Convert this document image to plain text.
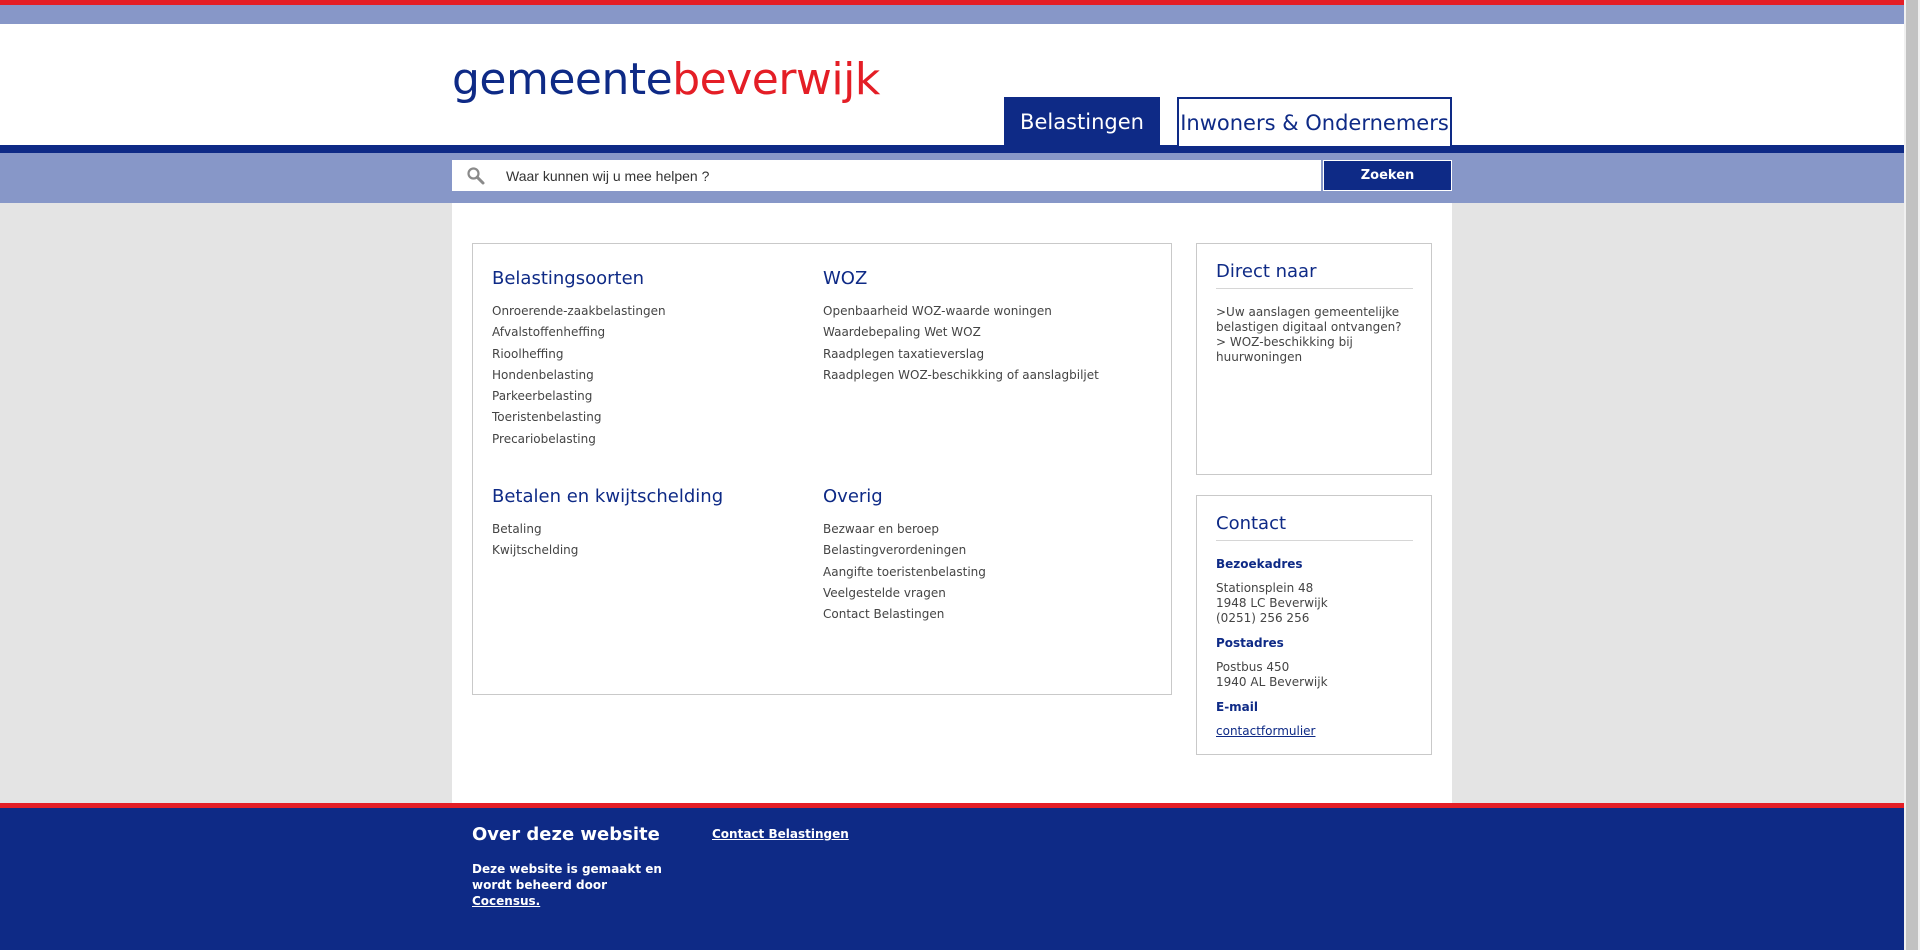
gemeentebeverwijk
Belastingen	Inwoners & Ondernemers
Waar kunnen wij u mee helpen ?
Zoeken
Belastingsoorten
Onroerende-zaakbelastingen
Afvalstoffenheffing
Rioolheffing
Hondenbelasting
Parkeerbelasting
Toeristenbelasting
Precariobelasting
WOZ
Openbaarheid WOZ-waarde woningen
Waardebepaling Wet WOZ
Raadplegen taxatieverslag
Raadplegen WOZ-beschikking of aanslagbiljet
Betalen en kwijtschelding
Betaling
Kwijtschelding
Overig
Bezwaar en beroep
Belastingverordeningen
Aangifte toeristenbelasting
Veelgestelde vragen
Contact Belastingen
Direct naar
>Uw aanslagen gemeentelijke belastigen digitaal ontvangen?
> WOZ-beschikking bij huurwoningen
Contact
Bezoekadres
Stationsplein 48
1948 LC Beverwijk
(0251) 256 256
Postadres
Postbus 450
1940 AL Beverwijk
E-mail
contactformulier
Over deze website
Deze website is gemaakt en wordt beheerd door Cocensus.
Contact Belastingen
